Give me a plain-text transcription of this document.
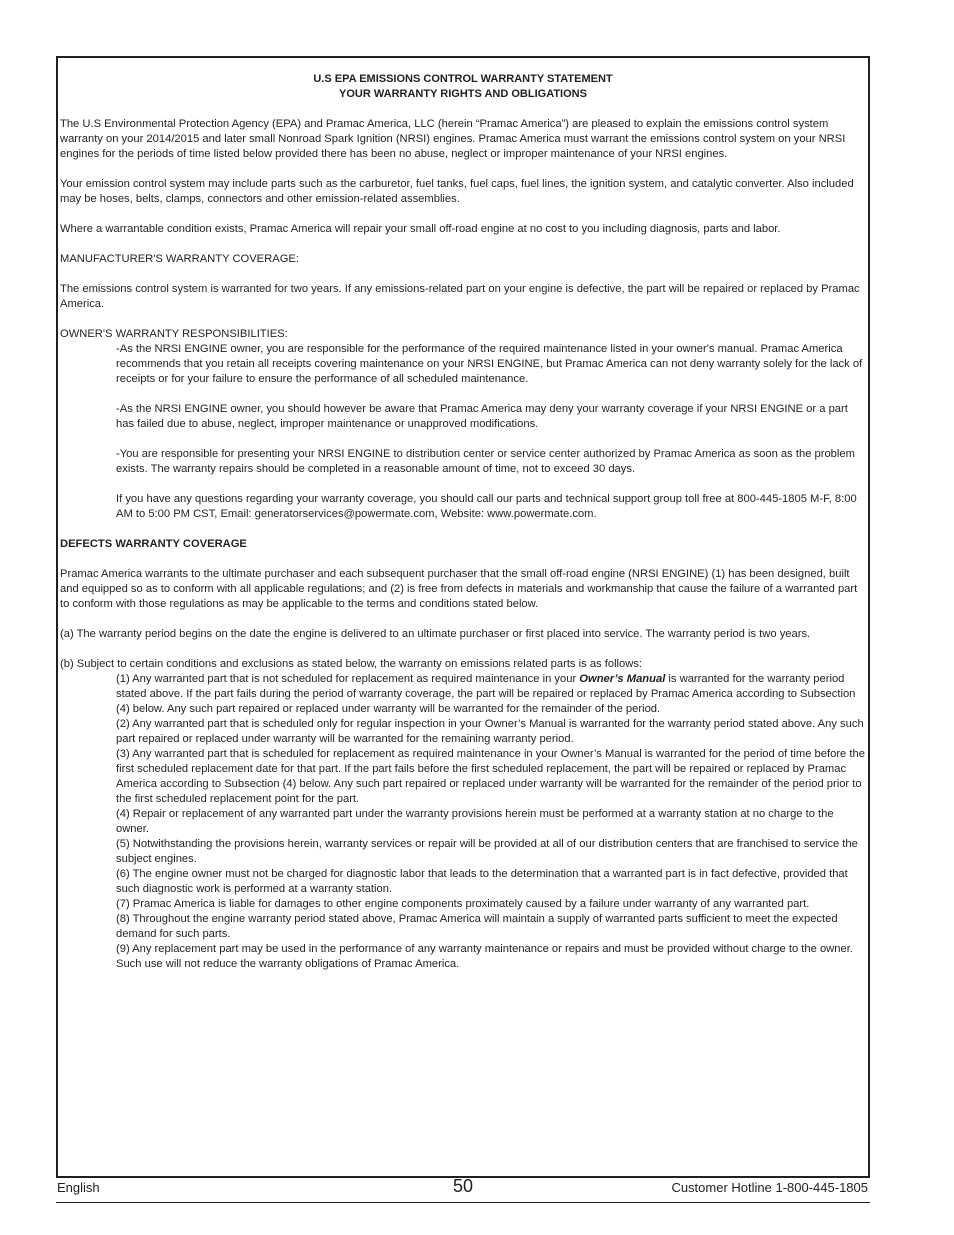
U.S EPA EMISSIONS CONTROL WARRANTY STATEMENT
YOUR WARRANTY RIGHTS AND OBLIGATIONS

The U.S Environmental Protection Agency (EPA) and Pramac America, LLC (herein “Pramac America”) are pleased to explain the emissions control system warranty on your 2014/2015 and later small Nonroad Spark Ignition (NRSI) engines. Pramac America must warrant the emissions control system on your NRSI engines for the periods of time listed below provided there has been no abuse, neglect or improper maintenance of your NRSI engines.

Your emission control system may include parts such as the carburetor, fuel tanks, fuel caps, fuel lines, the ignition system, and catalytic converter. Also included may be hoses, belts, clamps, connectors and other emission-related assemblies.

Where a warrantable condition exists, Pramac America will repair your small off-road engine at no cost to you including diagnosis, parts and labor.

MANUFACTURER'S WARRANTY COVERAGE:

The emissions control system is warranted for two years. If any emissions-related part on your engine is defective, the part will be repaired or replaced by Pramac America.

OWNER'S WARRANTY RESPONSIBILITIES:

-As the NRSI ENGINE owner, you are responsible for the performance of the required maintenance listed in your owner's manual. Pramac America recommends that you retain all receipts covering maintenance on your NRSI ENGINE, but Pramac America can not deny warranty solely for the lack of receipts or for your failure to ensure the performance of all scheduled maintenance.

-As the NRSI ENGINE owner, you should however be aware that Pramac America may deny your warranty coverage if your NRSI ENGINE or a part has failed due to abuse, neglect, improper maintenance or unapproved modifications.

-You are responsible for presenting your NRSI ENGINE to distribution center or service center authorized by Pramac America as soon as the problem exists. The warranty repairs should be completed in a reasonable amount of time, not to exceed 30 days.

If you have any questions regarding your warranty coverage, you should call our parts and technical support group toll free at 800-445-1805 M-F, 8:00 AM to 5:00 PM CST, Email: generatorservices@powermate.com, Website: www.powermate.com.

DEFECTS WARRANTY COVERAGE

Pramac America warrants to the ultimate purchaser and each subsequent purchaser that the small off-road engine (NRSI ENGINE) (1) has been designed, built and equipped so as to conform with all applicable regulations; and (2) is free from defects in materials and workmanship that cause the failure of a warranted part to conform with those regulations as may be applicable to the terms and conditions stated below.

(a) The warranty period begins on the date the engine is delivered to an ultimate purchaser or first placed into service. The warranty period is two years.

(b) Subject to certain conditions and exclusions as stated below, the warranty on emissions related parts is as follows:

(1) Any warranted part that is not scheduled for replacement as required maintenance in your Owner’s Manual is warranted for the warranty period stated above. If the part fails during the period of warranty coverage, the part will be repaired or replaced by Pramac America according to Subsection (4) below. Any such part repaired or replaced under warranty will be warranted for the remainder of the period.

(2) Any warranted part that is scheduled only for regular inspection in your Owner’s Manual is warranted for the warranty period stated above. Any such part repaired or replaced under warranty will be warranted for the remaining warranty period.

(3) Any warranted part that is scheduled for replacement as required maintenance in your Owner’s Manual is warranted for the period of time before the first scheduled replacement date for that part. If the part fails before the first scheduled replacement, the part will be repaired or replaced by Pramac America according to Subsection (4) below. Any such part repaired or replaced under warranty will be warranted for the remainder of the period prior to the first scheduled replacement point for the part.

(4) Repair or replacement of any warranted part under the warranty provisions herein must be performed at a warranty station at no charge to the owner.

(5) Notwithstanding the provisions herein, warranty services or repair will be provided at all of our distribution centers that are franchised to service the subject engines.

(6) The engine owner must not be charged for diagnostic labor that leads to the determination that a warranted part is in fact defective, provided that such diagnostic work is performed at a warranty station.

(7) Pramac America is liable for damages to other engine components proximately caused by a failure under warranty of any warranted part.

(8) Throughout the engine warranty period stated above, Pramac America will maintain a supply of warranted parts sufficient to meet the expected demand for such parts.

(9) Any replacement part may be used in the performance of any warranty maintenance or repairs and must be provided without charge to the owner. Such use will not reduce the warranty obligations of Pramac America.

English	50	Customer Hotline 1-800-445-1805
